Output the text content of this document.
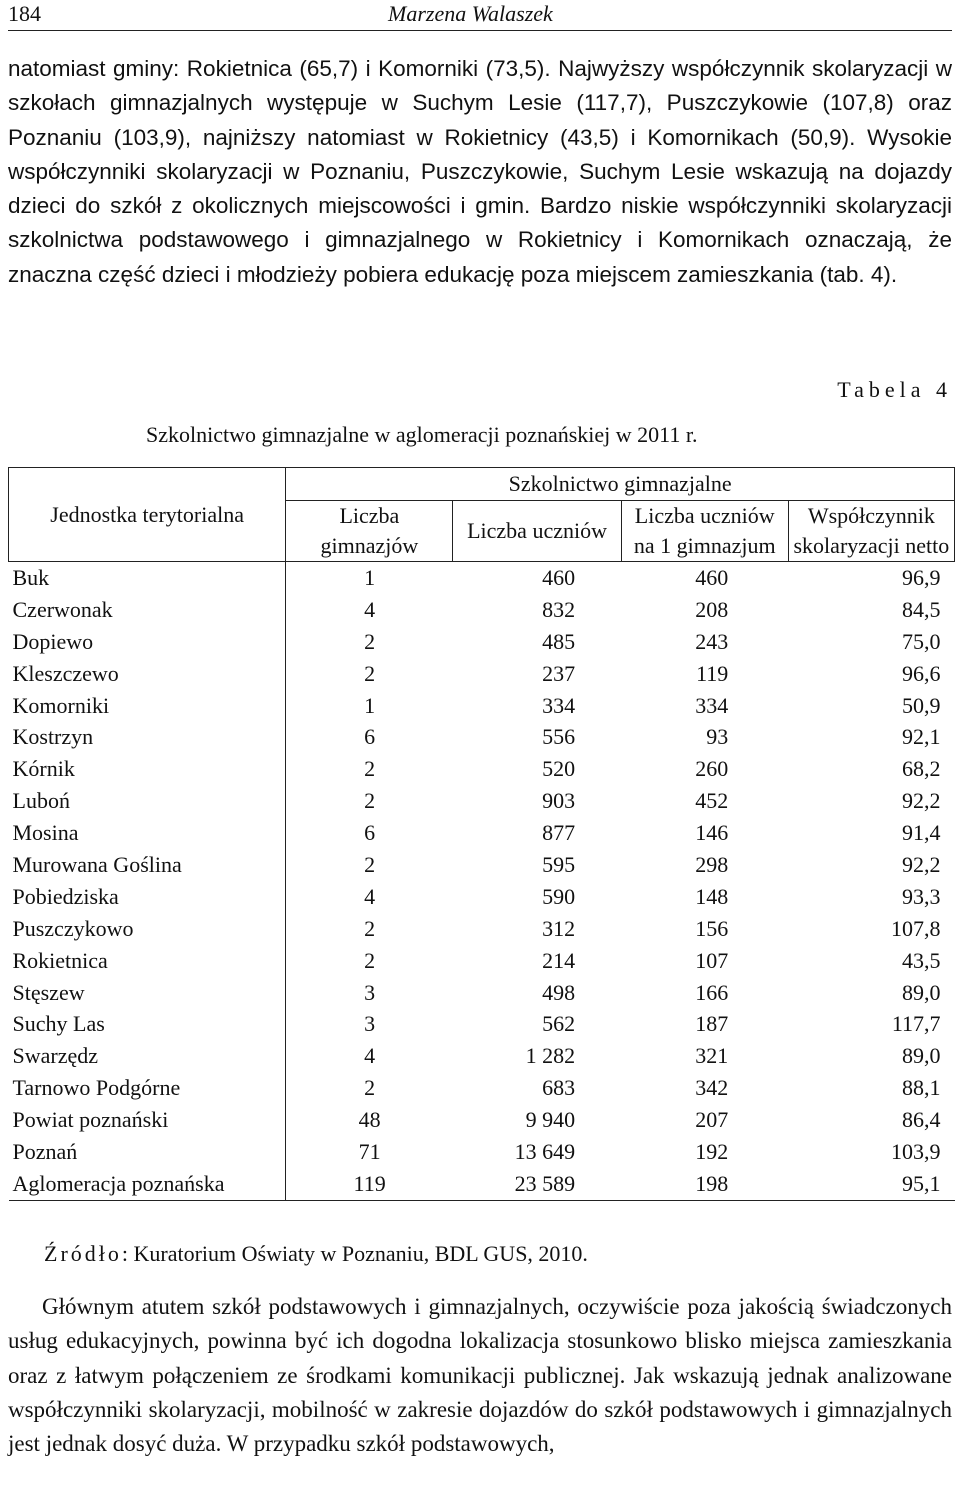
184	Marzena Walaszek

natomiast gminy: Rokietnica (65,7) i Komorniki (73,5). Najwyższy współczynnik skolaryzacji w szkołach gimnazjalnych występuje w Suchym Lesie (117,7), Puszczykowie (107,8) oraz Poznaniu (103,9), najniższy natomiast w Rokietnicy (43,5) i Komornikach (50,9). Wysokie współczynniki skolaryzacji w Poznaniu, Puszczykowie, Suchym Lesie wskazują na dojazdy dzieci do szkół z okolicznych miejscowości i gmin. Bardzo niskie współczynniki skolaryzacji szkolnictwa podstawowego i gimnazjalnego w Rokietnicy i Komornikach oznaczają, że znaczna część dzieci i młodzieży pobiera edukację poza miejscem zamieszkania (tab. 4).

Tabela 4
Szkolnictwo gimnazjalne w aglomeracji poznańskiej w 2011 r.
Jednostka terytorialna	Szkolnictwo gimnazjalne			
	Liczba gimnazjów	Liczba uczniów	Liczba uczniów na 1 gimnazjum	Współczynnik skolaryzacji netto
Buk	1	460	460	96,9
Czerwonak	4	832	208	84,5
Dopiewo	2	485	243	75,0
Kleszczewo	2	237	119	96,6
Komorniki	1	334	334	50,9
Kostrzyn	6	556	93	92,1
Kórnik	2	520	260	68,2
Luboń	2	903	452	92,2
Mosina	6	877	146	91,4
Murowana Goślina	2	595	298	92,2
Pobiedziska	4	590	148	93,3
Puszczykowo	2	312	156	107,8
Rokietnica	2	214	107	43,5
Stęszew	3	498	166	89,0
Suchy Las	3	562	187	117,7
Swarzędz	4	1 282	321	89,0
Tarnowo Podgórne	2	683	342	88,1
Powiat poznański	48	9 940	207	86,4
Poznań	71	13 649	192	103,9
Aglomeracja poznańska	119	23 589	198	95,1
Źródło: Kuratorium Oświaty w Poznaniu, BDL GUS, 2010.

Głównym atutem szkół podstawowych i gimnazjalnych, oczywiście poza jakością świadczonych usług edukacyjnych, powinna być ich dogodna lokalizacja stosunkowo blisko miejsca zamieszkania oraz z łatwym połączeniem ze środkami komunikacji publicznej. Jak wskazują jednak analizowane współczynniki skolaryzacji, mobilność w zakresie dojazdów do szkół podstawowych i gimnazjalnych jest jednak dosyć duża. W przypadku szkół podstawowych,
